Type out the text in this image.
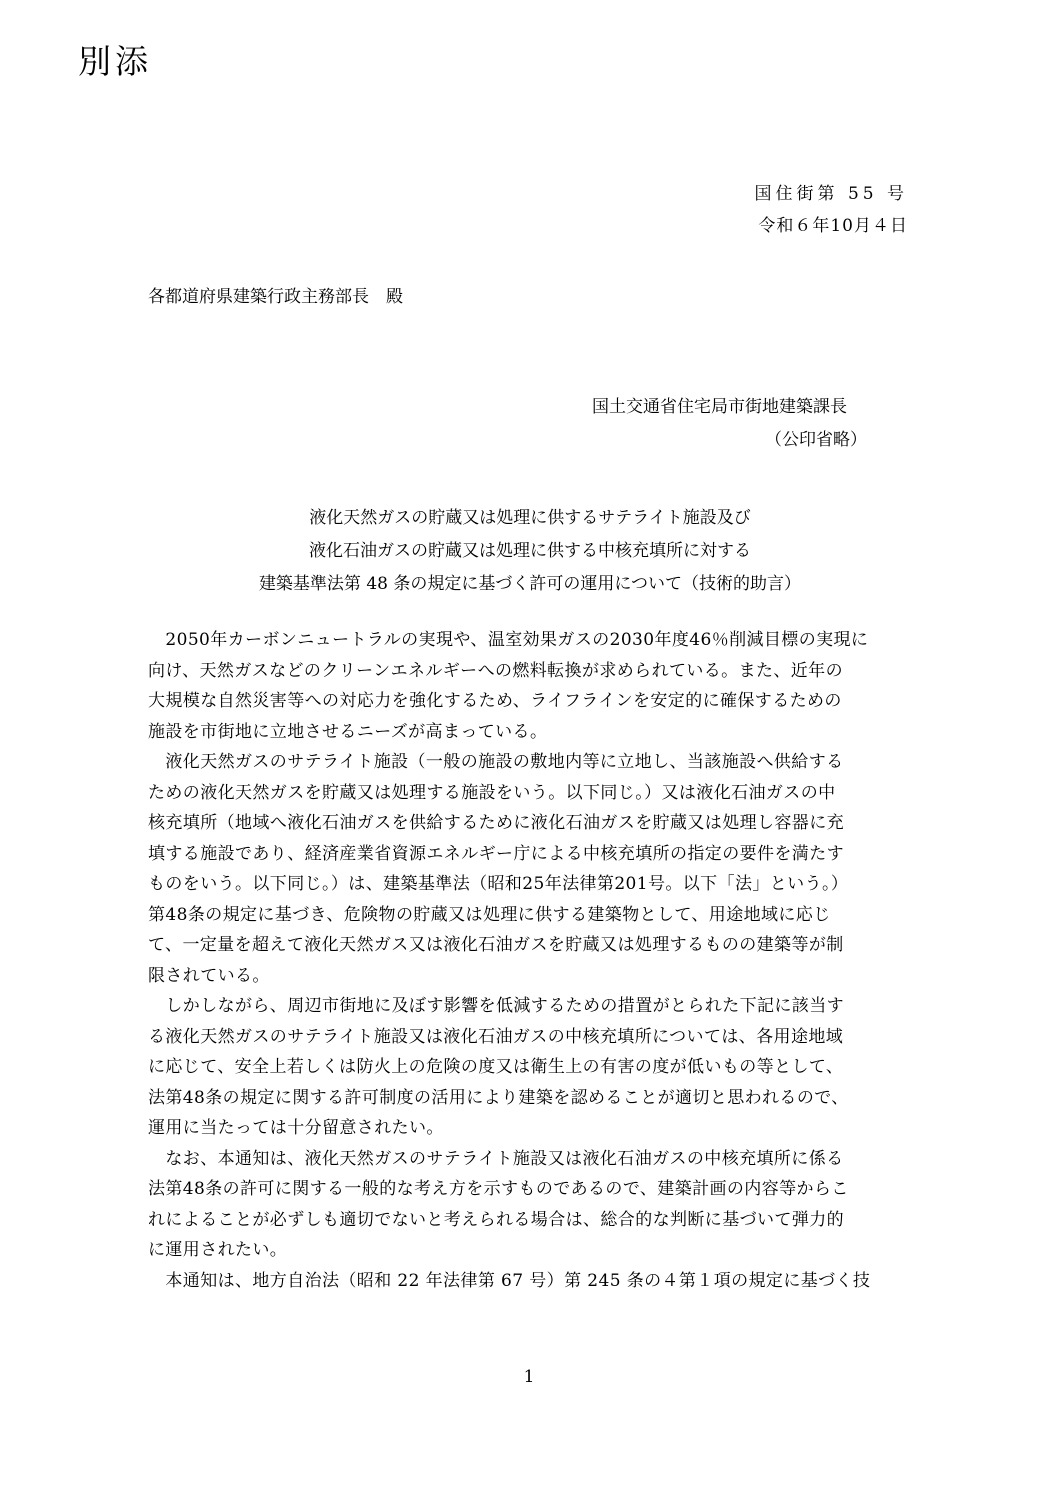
別添
国住街第 55 号
令和６年10月４日
各都道府県建築行政主務部長　殿
国土交通省住宅局市街地建築課長
（公印省略）
液化天然ガスの貯蔵又は処理に供するサテライト施設及び
液化石油ガスの貯蔵又は処理に供する中核充填所に対する
建築基準法第 48 条の規定に基づく許可の運用について（技術的助言）
　2050年カーボンニュートラルの実現や、温室効果ガスの2030年度46％削減目標の実現に
向け、天然ガスなどのクリーンエネルギーへの燃料転換が求められている。また、近年の
大規模な自然災害等への対応力を強化するため、ライフラインを安定的に確保するための
施設を市街地に立地させるニーズが高まっている。
　液化天然ガスのサテライト施設（一般の施設の敷地内等に立地し、当該施設へ供給する
ための液化天然ガスを貯蔵又は処理する施設をいう。以下同じ。）又は液化石油ガスの中
核充填所（地域へ液化石油ガスを供給するために液化石油ガスを貯蔵又は処理し容器に充
填する施設であり、経済産業省資源エネルギー庁による中核充填所の指定の要件を満たす
ものをいう。以下同じ。）は、建築基準法（昭和25年法律第201号。以下「法」という。）
第48条の規定に基づき、危険物の貯蔵又は処理に供する建築物として、用途地域に応じ
て、一定量を超えて液化天然ガス又は液化石油ガスを貯蔵又は処理するものの建築等が制
限されている。
　しかしながら、周辺市街地に及ぼす影響を低減するための措置がとられた下記に該当す
る液化天然ガスのサテライト施設又は液化石油ガスの中核充填所については、各用途地域
に応じて、安全上若しくは防火上の危険の度又は衛生上の有害の度が低いもの等として、
法第48条の規定に関する許可制度の活用により建築を認めることが適切と思われるので、
運用に当たっては十分留意されたい。
　なお、本通知は、液化天然ガスのサテライト施設又は液化石油ガスの中核充填所に係る
法第48条の許可に関する一般的な考え方を示すものであるので、建築計画の内容等からこ
れによることが必ずしも適切でないと考えられる場合は、総合的な判断に基づいて弾力的
に運用されたい。
　本通知は、地方自治法（昭和 22 年法律第 67 号）第 245 条の４第１項の規定に基づく技
1
